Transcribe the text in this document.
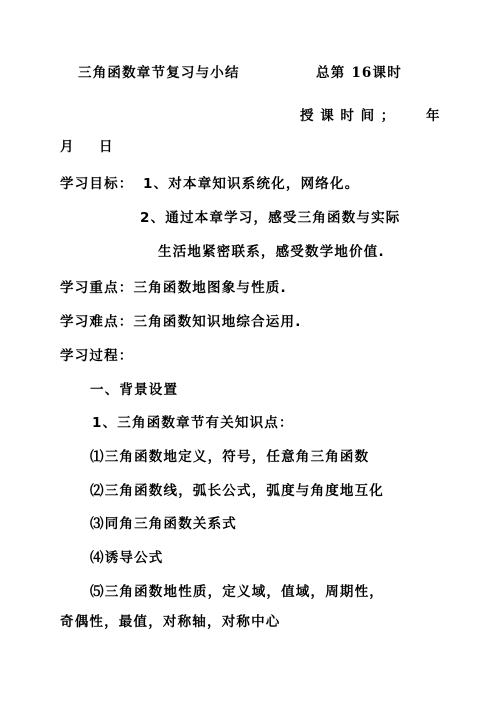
三角函数章节复习与小结	总第 16课时
授 课 时 间 ； 年
月 日
学习目标： 1、对本章知识系统化，网络化。
2、通过本章学习，感受三角函数与实际
生活地紧密联系，感受数学地价值.
学习重点：三角函数地图象与性质.
学习难点：三角函数知识地综合运用.
学习过程：
一、背景设置
1、三角函数章节有关知识点：
⑴三角函数地定义，符号，任意角三角函数
⑵三角函数线，弧长公式，弧度与角度地互化
⑶同角三角函数关系式
⑷诱导公式
⑸三角函数地性质，定义域，值域，周期性，
奇偶性，最值，对称轴，对称中心
